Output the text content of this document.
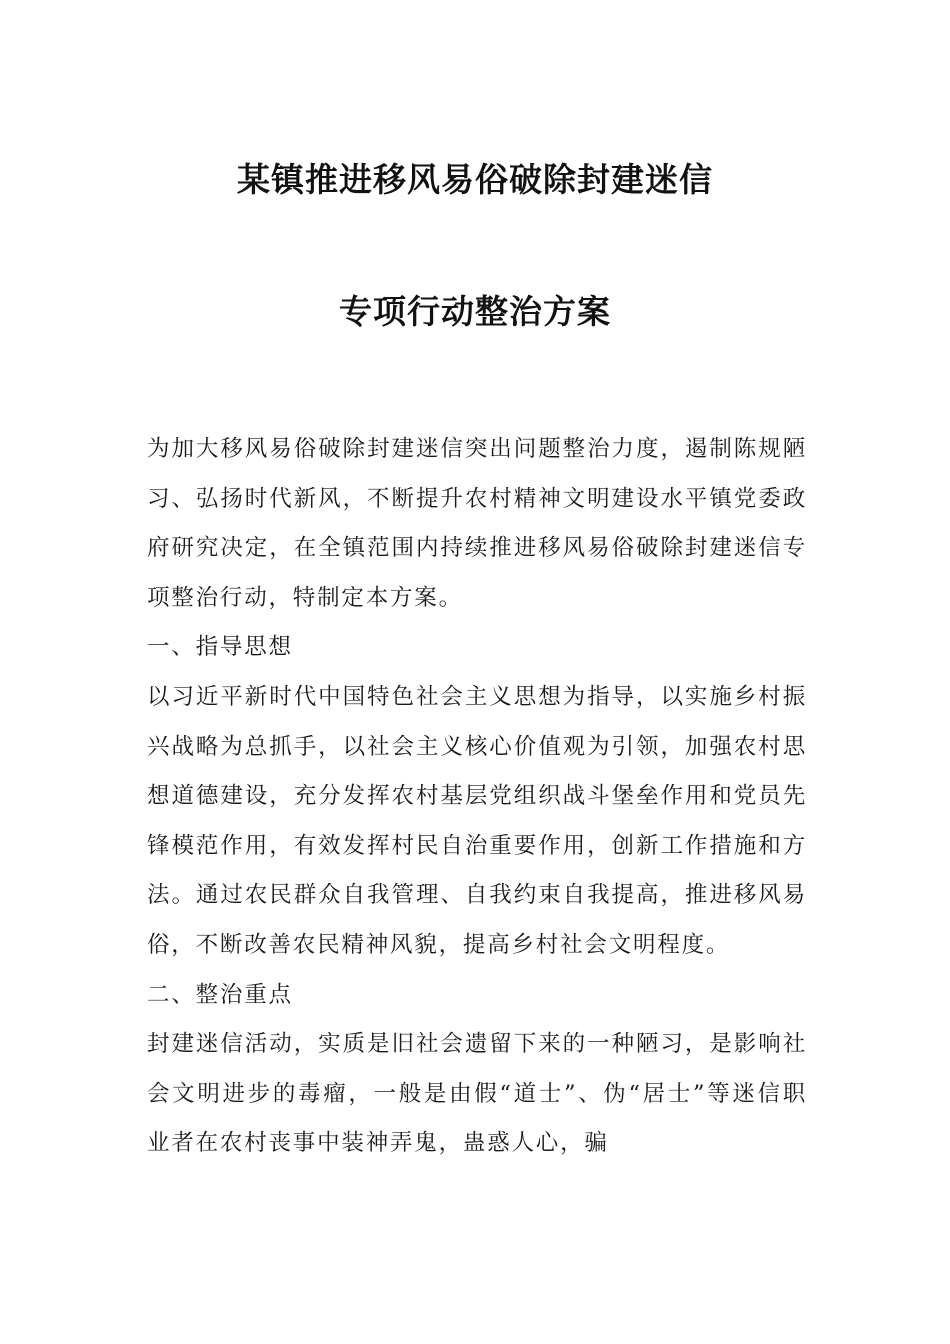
某镇推进移风易俗破除封建迷信
专项行动整治方案

为加大移风易俗破除封建迷信突出问题整治力度，遏制陈规陋习、弘扬时代新风，不断提升农村精神文明建设水平镇党委政府研究决定，在全镇范围内持续推进移风易俗破除封建迷信专项整治行动，特制定本方案。

一、指导思想

以习近平新时代中国特色社会主义思想为指导，以实施乡村振兴战略为总抓手，以社会主义核心价值观为引领，加强农村思想道德建设，充分发挥农村基层党组织战斗堡垒作用和党员先锋模范作用，有效发挥村民自治重要作用，创新工作措施和方法。通过农民群众自我管理、自我约束自我提高，推进移风易俗，不断改善农民精神风貌，提高乡村社会文明程度。

二、整治重点

封建迷信活动，实质是旧社会遗留下来的一种陋习，是影响社会文明进步的毒瘤，一般是由假“道士”、伪“居士”等迷信职业者在农村丧事中装神弄鬼，蛊惑人心，骗
